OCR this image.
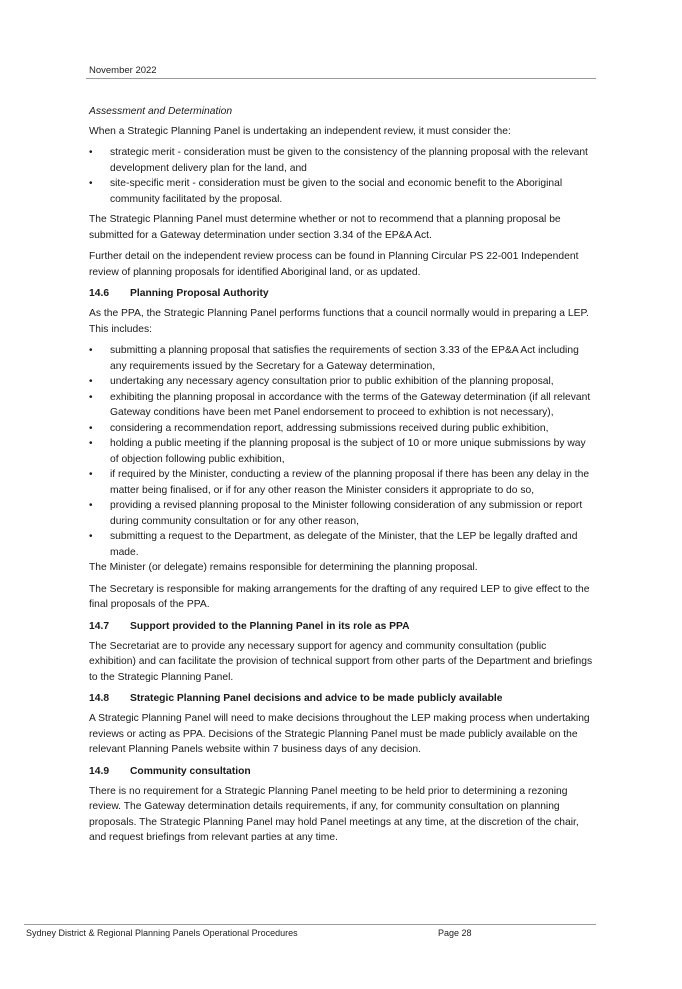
November 2022

Assessment and Determination

When a Strategic Planning Panel is undertaking an independent review, it must consider the:

• strategic merit - consideration must be given to the consistency of the planning proposal with the relevant development delivery plan for the land, and
• site-specific merit - consideration must be given to the social and economic benefit to the Aboriginal community facilitated by the proposal.

The Strategic Planning Panel must determine whether or not to recommend that a planning proposal be submitted for a Gateway determination under section 3.34 of the EP&A Act.

Further detail on the independent review process can be found in Planning Circular PS 22-001 Independent review of planning proposals for identified Aboriginal land, or as updated.

14.6 Planning Proposal Authority

As the PPA, the Strategic Planning Panel performs functions that a council normally would in preparing a LEP. This includes:

• submitting a planning proposal that satisfies the requirements of section 3.33 of the EP&A Act including any requirements issued by the Secretary for a Gateway determination,
• undertaking any necessary agency consultation prior to public exhibition of the planning proposal,
• exhibiting the planning proposal in accordance with the terms of the Gateway determination (if all relevant Gateway conditions have been met Panel endorsement to proceed to exhibtion is not necessary),
• considering a recommendation report, addressing submissions received during public exhibition,
• holding a public meeting if the planning proposal is the subject of 10 or more unique submissions by way of objection following public exhibition,
• if required by the Minister, conducting a review of the planning proposal if there has been any delay in the matter being finalised, or if for any other reason the Minister considers it appropriate to do so,
• providing a revised planning proposal to the Minister following consideration of any submission or report during community consultation or for any other reason,
• submitting a request to the Department, as delegate of the Minister, that the LEP be legally drafted and made.

The Minister (or delegate) remains responsible for determining the planning proposal.

The Secretary is responsible for making arrangements for the drafting of any required LEP to give effect to the final proposals of the PPA.

14.7 Support provided to the Planning Panel in its role as PPA

The Secretariat are to provide any necessary support for agency and community consultation (public exhibition) and can facilitate the provision of technical support from other parts of the Department and briefings to the Strategic Planning Panel.

14.8 Strategic Planning Panel decisions and advice to be made publicly available

A Strategic Planning Panel will need to make decisions throughout the LEP making process when undertaking reviews or acting as PPA. Decisions of the Strategic Planning Panel must be made publicly available on the relevant Planning Panels website within 7 business days of any decision.

14.9 Community consultation

There is no requirement for a Strategic Planning Panel meeting to be held prior to determining a rezoning review. The Gateway determination details requirements, if any, for community consultation on planning proposals. The Strategic Planning Panel may hold Panel meetings at any time, at the discretion of the chair, and request briefings from relevant parties at any time.

Sydney District & Regional Planning Panels Operational Procedures	Page 28
